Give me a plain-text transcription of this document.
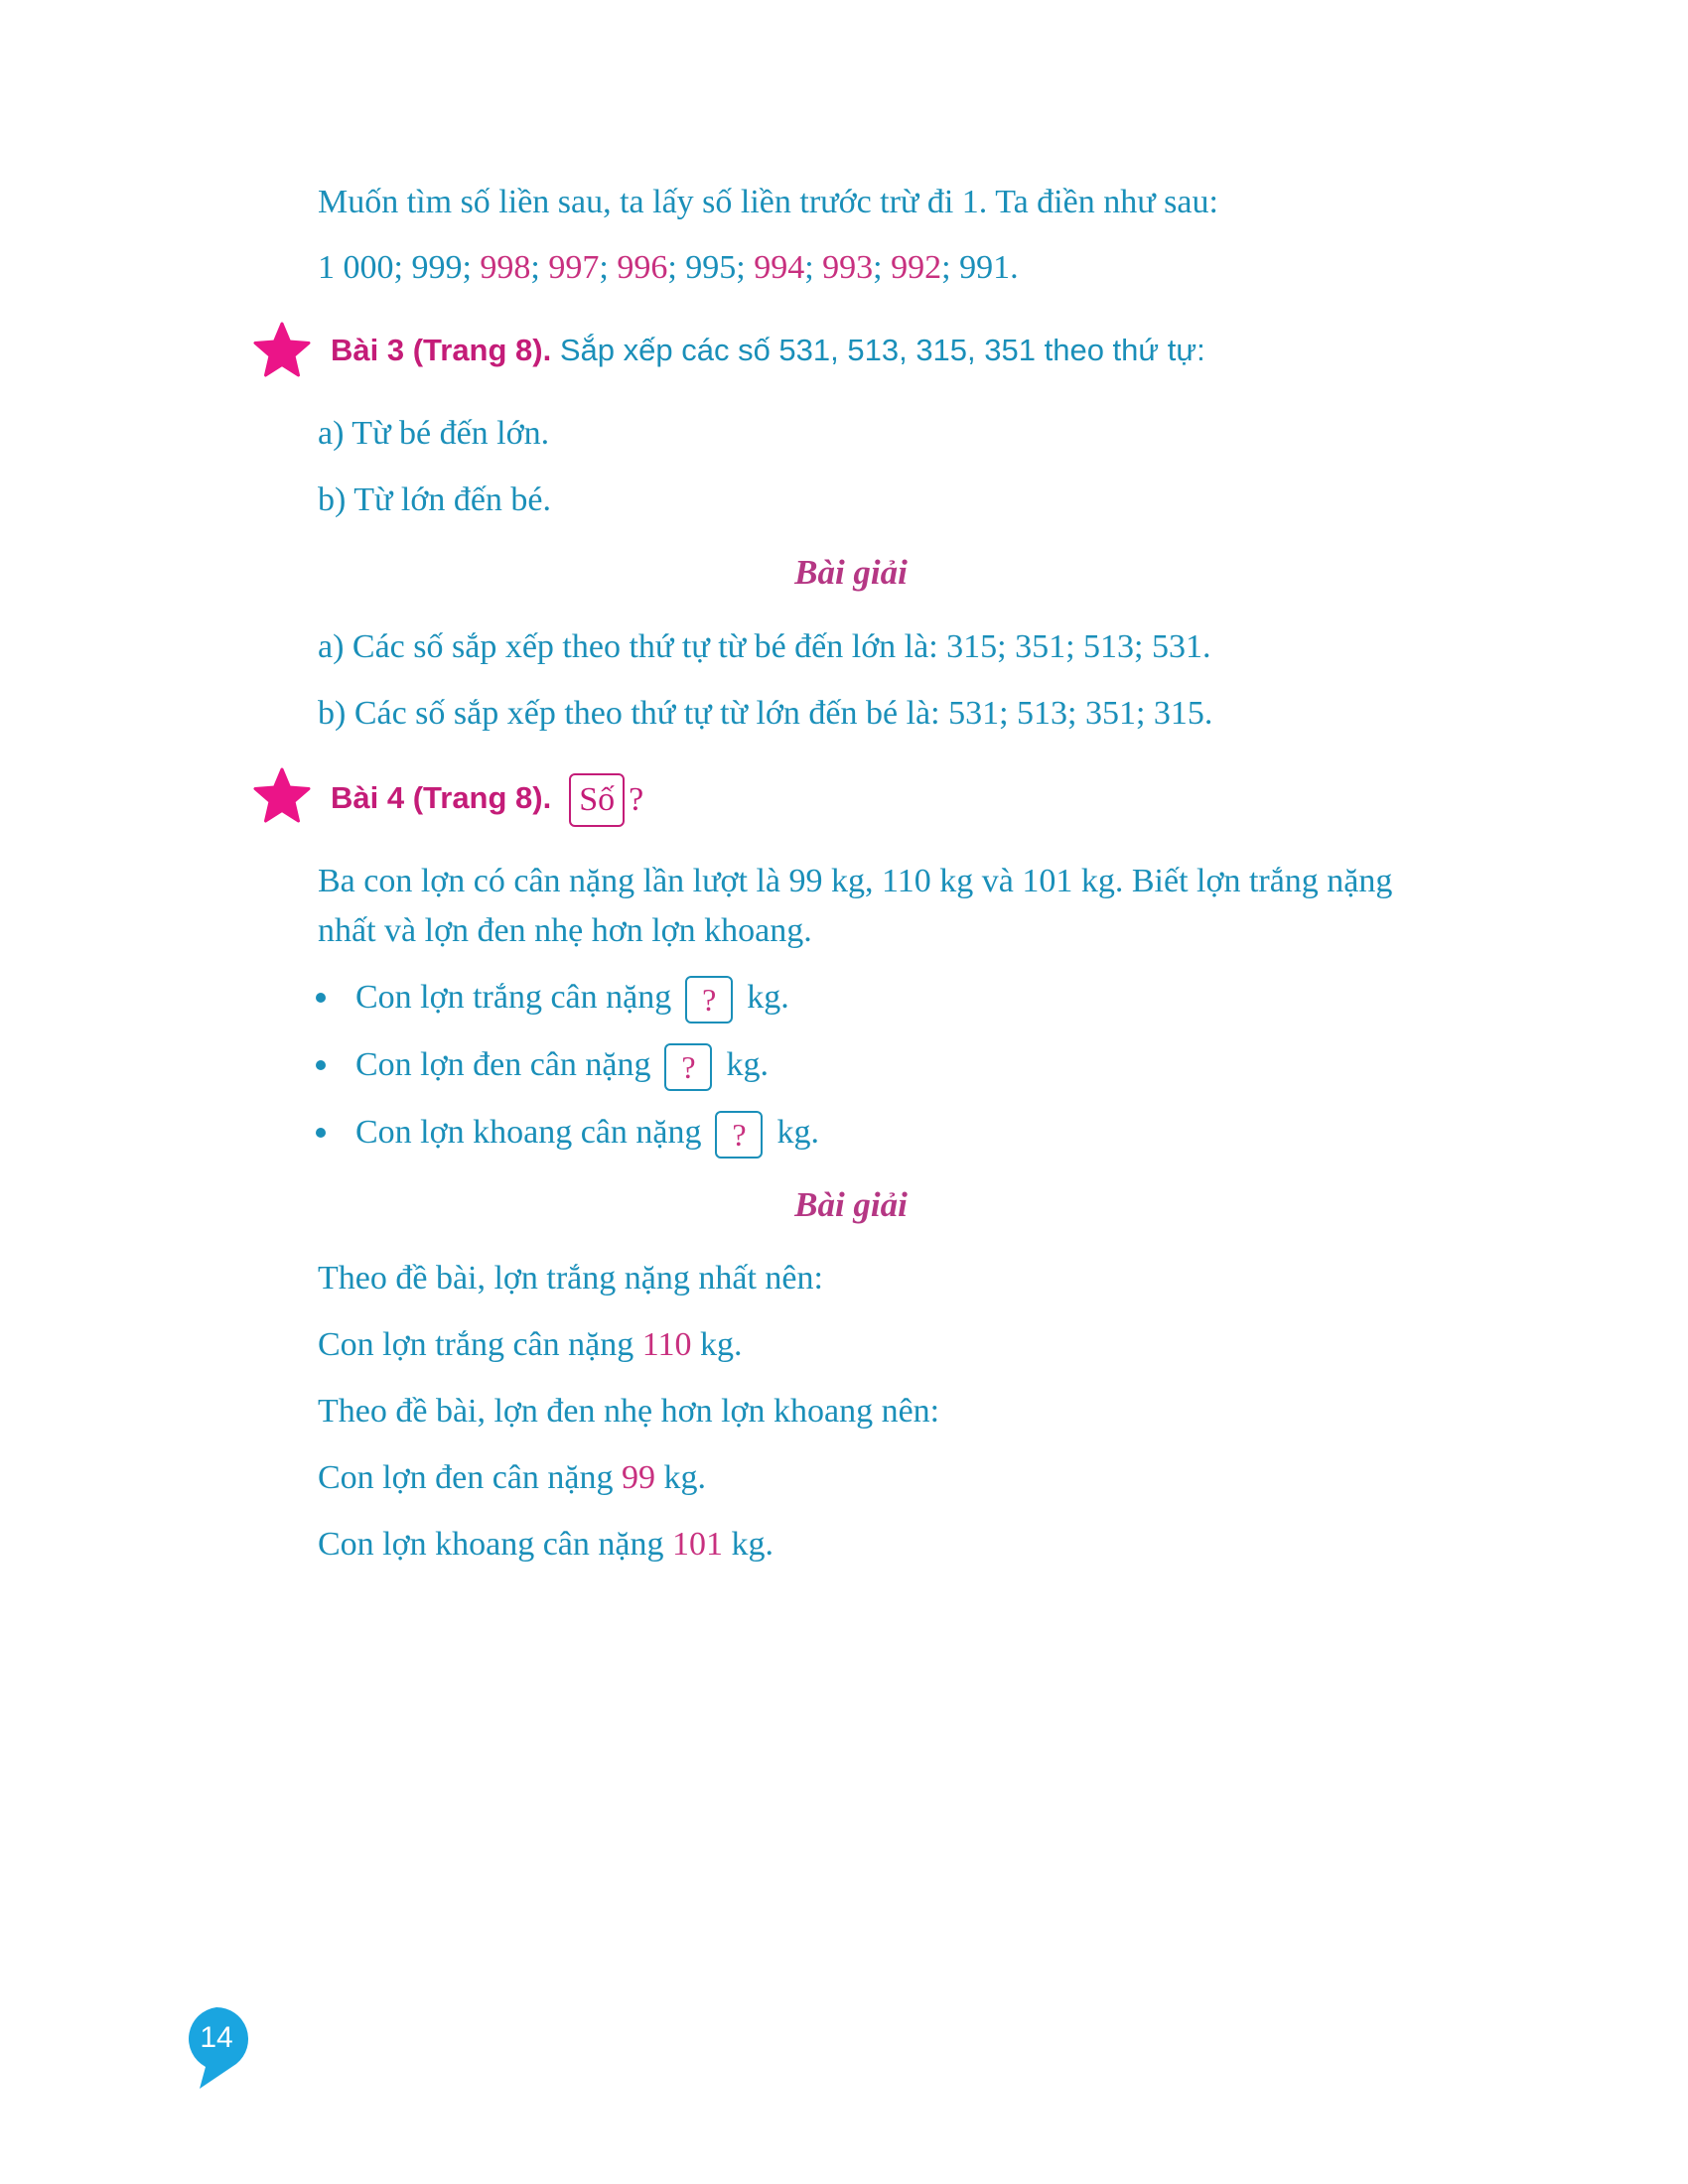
Muốn tìm số liền sau, ta lấy số liền trước trừ đi 1. Ta điền như sau:
1 000; 999; 998; 997; 996; 995; 994; 993; 992; 991.
Bài 3 (Trang 8). Sắp xếp các số 531, 513, 315, 351 theo thứ tự:
a) Từ bé đến lớn.
b) Từ lớn đến bé.
Bài giải
a) Các số sắp xếp theo thứ tự từ bé đến lớn là: 315; 351; 513; 531.
b) Các số sắp xếp theo thứ tự từ lớn đến bé là: 531; 513; 351; 315.
Bài 4 (Trang 8). Số ?
Ba con lợn có cân nặng lần lượt là 99 kg, 110 kg và 101 kg. Biết lợn trắng nặng
nhất và lợn đen nhẹ hơn lợn khoang.
Con lợn trắng cân nặng ? kg.
Con lợn đen cân nặng ? kg.
Con lợn khoang cân nặng ? kg.
Bài giải
Theo đề bài, lợn trắng nặng nhất nên:
Con lợn trắng cân nặng 110 kg.
Theo đề bài, lợn đen nhẹ hơn lợn khoang nên:
Con lợn đen cân nặng 99 kg.
Con lợn khoang cân nặng 101 kg.
14
